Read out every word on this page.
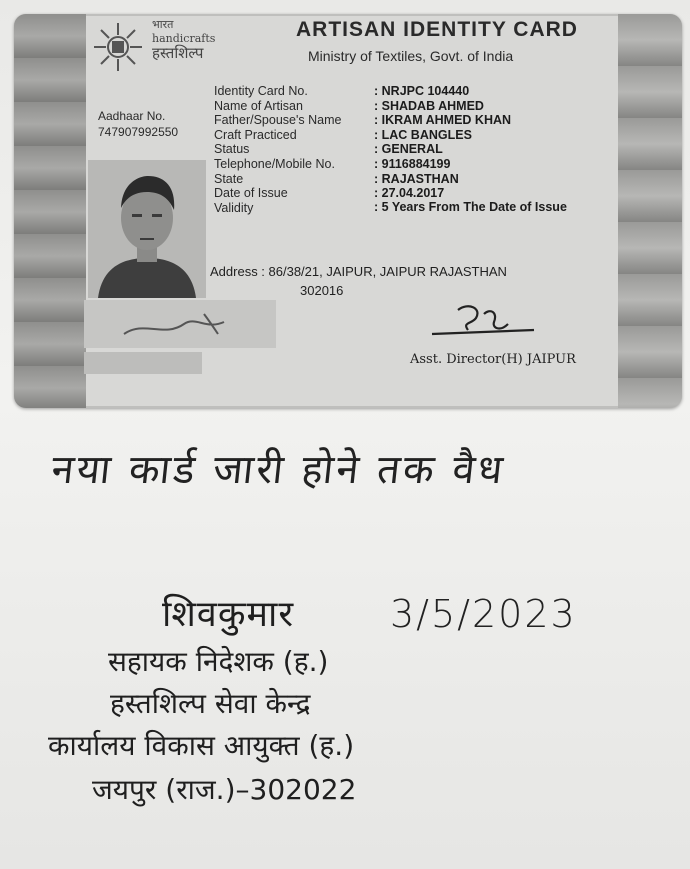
भारत
handicrafts
हस्तशिल्प
ARTISAN IDENTITY CARD
Ministry of Textiles, Govt. of India
Aadhaar No.
747907992550
Identity Card No.	: NRJPC 104440
Name of Artisan	: SHADAB AHMED
Father/Spouse's Name	: IKRAM AHMED KHAN
Craft Practiced	: LAC BANGLES
Status	: GENERAL
Telephone/Mobile No.	: 9116884199
State	: RAJASTHAN
Date of Issue	: 27.04.2017
Validity	: 5 Years From The Date of Issue
Address : 86/38/21, JAIPUR, JAIPUR RAJASTHAN
302016
Asst. Director(H) JAIPUR
नया कार्ड जारी होने तक वैध
शिवकुमार	3/5/2023
सहायक निदेशक (ह.)
हस्तशिल्प सेवा केन्द्र
कार्यालय विकास आयुक्त (ह.)
जयपुर (राज.)–302022
